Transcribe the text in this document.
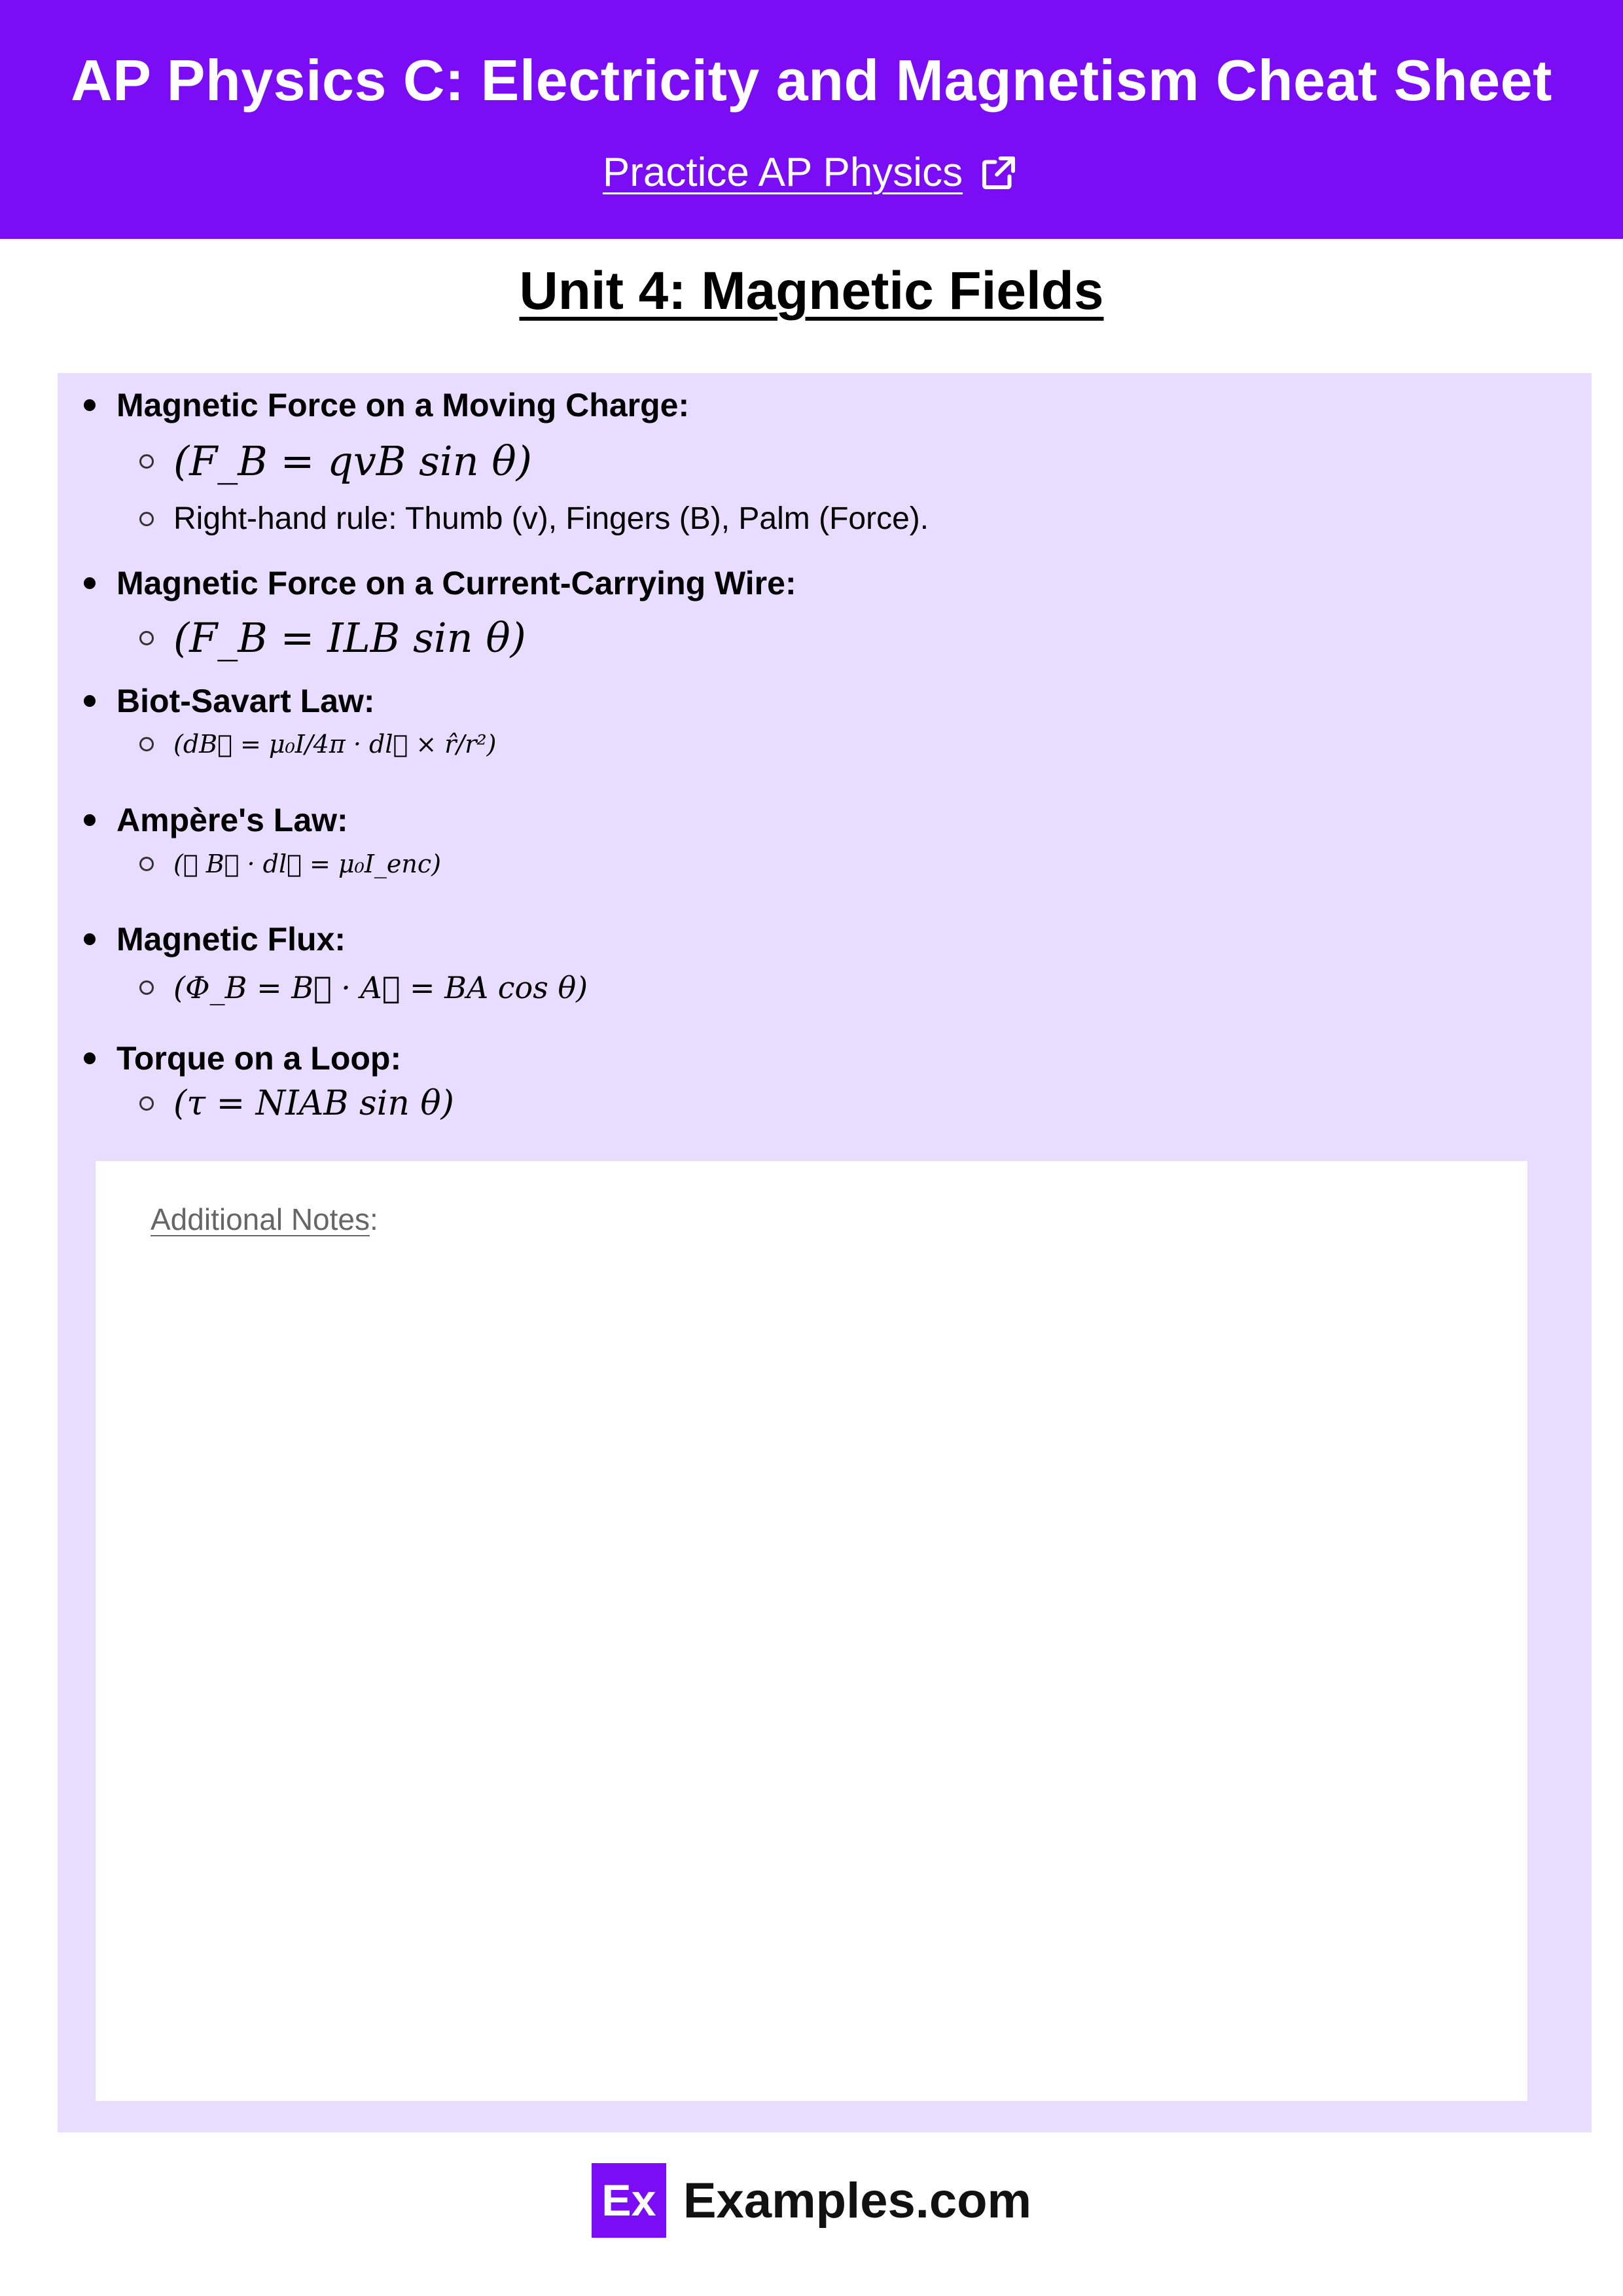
AP Physics C: Electricity and Magnetism Cheat Sheet
Practice AP Physics
Unit 4: Magnetic Fields
Magnetic Force on a Moving Charge:
(F_B = qvB sin θ)
Right-hand rule: Thumb (v), Fingers (B), Palm (Force).
Magnetic Force on a Current-Carrying Wire:
(F_B = ILB sin θ)
Biot-Savart Law:
(dB⃗ = μ₀I/4π · dl⃗ × r̂/r²)
Ampère's Law:
(∮ B⃗ · dl⃗ = μ₀I_enc)
Magnetic Flux:
(Φ_B = B⃗ · A⃗ = BA cos θ)
Torque on a Loop:
(τ = NIAB sin θ)
Additional Notes:
Ex Examples.com
